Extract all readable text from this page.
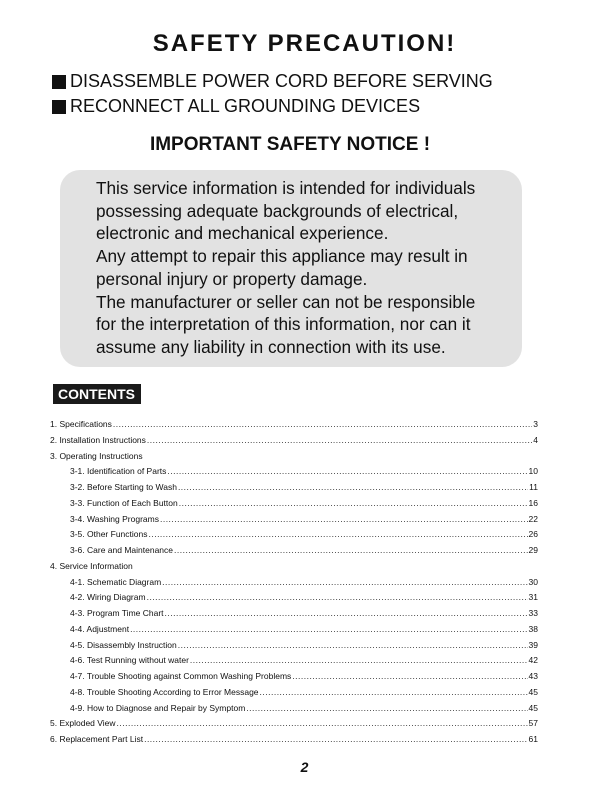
SAFETY PRECAUTION!
DISASSEMBLE POWER CORD BEFORE SERVING
RECONNECT ALL GROUNDING DEVICES
IMPORTANT SAFETY NOTICE !
This service information is intended for individuals
possessing adequate backgrounds of electrical,
electronic and mechanical experience.
Any attempt to repair this appliance may result in
personal injury or property damage.
The manufacturer or seller can not be responsible
for the interpretation of this information, nor can it
assume any liability in connection with its use.
CONTENTS
1. Specifications .....	3
2. Installation Instructions .....	4
3. Operating Instructions
3-1. Identification of Parts .....	10
3-2. Before Starting to Wash .....	11
3-3. Function of Each Button .....	16
3-4. Washing Programs .....	22
3-5. Other Functions .....	26
3-6. Care and Maintenance .....	29
4. Service Information
4-1. Schematic Diagram .....	30
4-2. Wiring Diagram .....	31
4-3. Program Time Chart .....	33
4-4. Adjustment .....	38
4-5. Disassembly Instruction .....	39
4-6. Test Running without water .....	42
4-7. Trouble Shooting against Common Washing Problems .....	43
4-8. Trouble Shooting According to Error Message .....	45
4-9. How to Diagnose and Repair by Symptom .....	45
5. Exploded View .....	57
6. Replacement Part List .....	61
2
